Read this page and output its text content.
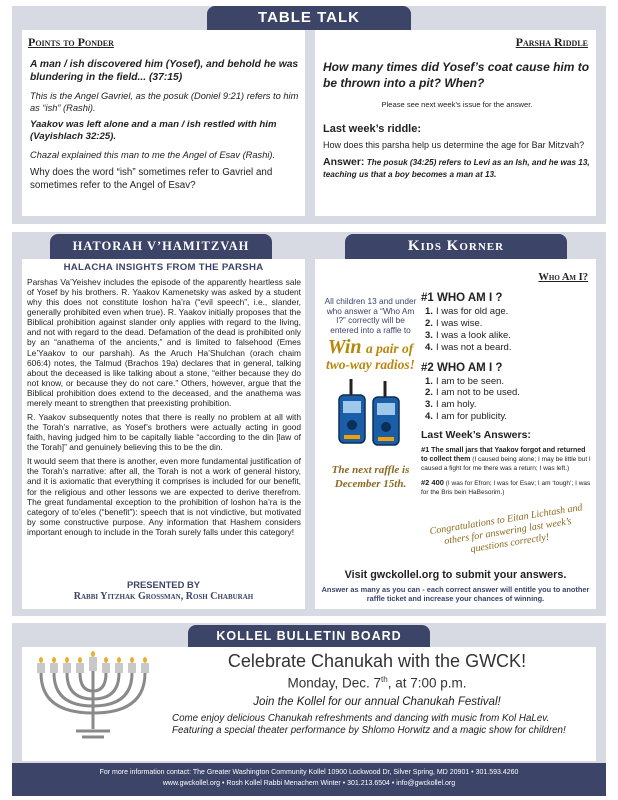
TABLE TALK
Points to Ponder

A man / ish discovered him (Yosef), and behold he was blundering in the field... (37:15)

This is the Angel Gavriel, as the posuk (Doniel 9:21) refers to him as “ish” (Rashi).

Yaakov was left alone and a man / ish restled with him (Vayishlach 32:25).

Chazal explained this man to me the Angel of Esav (Rashi).

Why does the word “ish” sometimes refer to Gavriel and sometimes refer to the Angel of Esav?

Parsha Riddle

How many times did Yosef’s coat cause him to be thrown into a pit? When?

Please see next week’s issue for the answer.

Last week’s riddle:

How does this parsha help us determine the age for Bar Mitzvah?

Answer: The posuk (34:25) refers to Levi as an Ish, and he was 13, teaching us that a boy becomes a man at 13.

HATORAH V’HAMITZVAH
HALACHA INSIGHTS FROM THE PARSHA

Parshas Va’Yeishev includes the episode of the apparently heartless sale of Yosef by his brothers. R. Yaakov Kamenetsky was asked by a student why this does not constitute loshon ha’ra (“evil speech”, i.e., slander, generally prohibited even when true). R. Yaakov initially proposes that the Biblical prohibition against slander only applies with regard to the living, and not with regard to the dead. Defamation of the dead is prohibited only by an “anathema of the ancients,” and is limited to falsehood (Emes Le’Yaakov to our parshah). As the Aruch Ha’Shulchan (orach chaim 606:4) notes, the Talmud (Brachos 19a) declares that in general, talking about the deceased is like talking about a stone, “either because they do not know, or because they do not care.” Others, however, argue that the Biblical prohibition does extend to the deceased, and the anathema was merely meant to strengthen that preexisting prohibition.

R. Yaakov subsequently notes that there is really no problem at all with the Torah’s narrative, as Yosef’s brothers were actually acting in good faith, having judged him to be capitally liable “according to the din [law of the Torah]” and genuinely believing this to be the din.

It would seem that there is another, even more fundamental justification of the Torah’s narrative: after all, the Torah is not a work of general history, and it is axiomatic that everything it comprises is included for our benefit, for the religious and other lessons we are expected to derive therefrom. The great fundamental exception to the prohibition of loshon ha’ra is the category of to’eles (“benefit”): speech that is not vindictive, but motivated by some constructive purpose. Any information that Hashem considers important enough to include in the Torah surely falls under this category!

PRESENTED BY
Rabbi Yitzhak Grossman, Rosh Chaburah
Kids Korner
Who Am I?

All children 13 and under who answer a “Who Am I?” correctly will be entered into a raffle to

Win a pair of two-way radios!

The next raffle is December 15th.

#1 WHO AM I ?

1. I was for old age.
2. I was wise.
3. I was a look alike.
4. I was not a beard.

#2 WHO AM I ?

1. I am to be seen.
2. I am not to be used.
3. I am holy.
4. I am for publicity.

Last Week’s Answers:

#1 The small jars that Yaakov forgot and returned to collect them (I caused being alone; I may be little but I caused a fight for me there was a return; I was left.)

#2 400 (I was for Efron; I was for Esav; I am ‘tough’; I was for the Bris bein HaBesorim.)

Congratulations to Eitan Lichtash and others for answering last week’s questions correctly!
Visit gwckollel.org to submit your answers.
Answer as many as you can - each correct answer will entitle you to another raffle ticket and increase your chances of winning.
KOLLEL BULLETIN BOARD

Celebrate Chanukah with the GWCK!

Monday, Dec. 7th, at 7:00 p.m.

Join the Kollel for our annual Chanukah Festival!

Come enjoy delicious Chanukah refreshments and dancing with music from Kol HaLev. Featuring a special theater performance by Shlomo Horwitz and a magic show for children!

For more information contact: The Greater Washington Community Kollel 10900 Lockwood Dr, Silver Spring, MD 20901 • 301.593.4260

www.gwckollel.org • Rosh Kollel Rabbi Menachem Winter • 301.213.6504 • info@gwckollel.org
